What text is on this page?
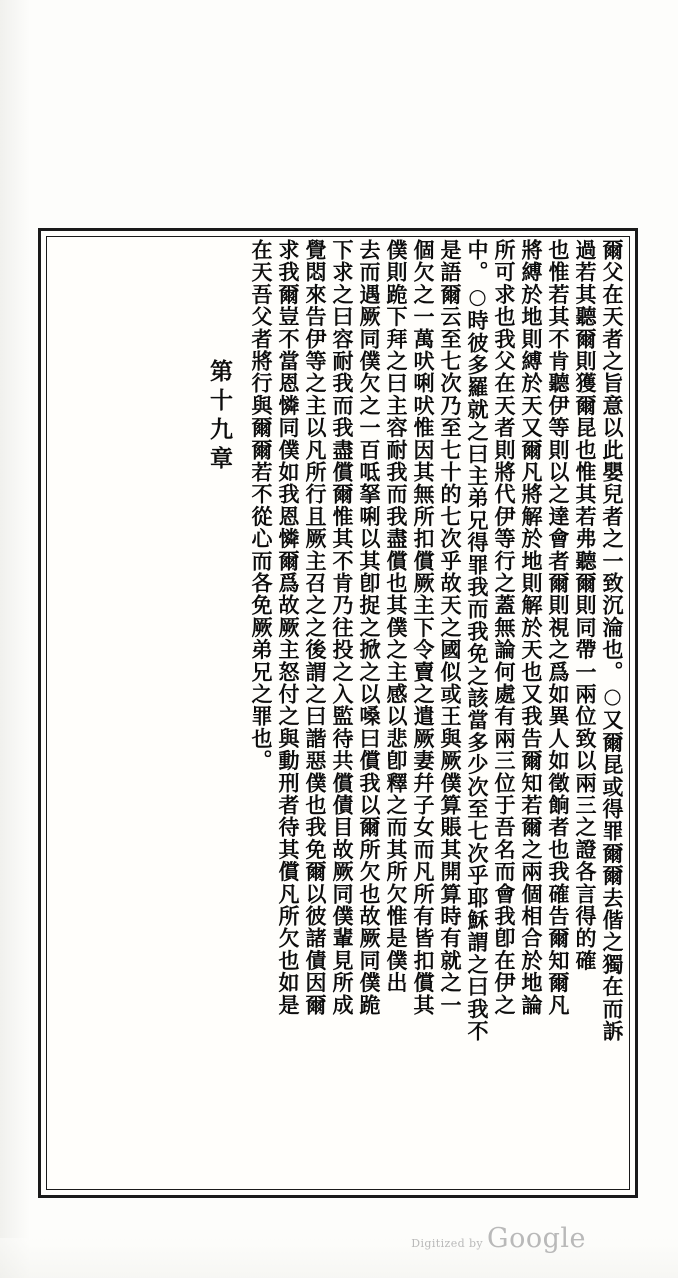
爾父在天者之旨意以此嬰兒者之一致沉淪也。○又爾昆或得罪爾爾去偕之獨在而訴
過若其聽爾則獲爾昆也惟其若弗聽爾則同帶一兩位致以兩三之證各言得的確
也惟若其不肯聽伊等則以之達會者爾則視之爲如異人如徵餉者也我確告爾知爾凡
將縛於地則縛於天又爾凡將解於地則解於天也又我告爾知若爾之兩個相合於地論
所可求也我父在天者則將代伊等行之蓋無論何處有兩三位于吾名而會我卽在伊之
中。○時彼多羅就之曰主弟兄得罪我而我免之該當多少次至七次乎耶穌謂之曰我不
是語爾云至七次乃至七十的七次乎故天之國似或王與厥僕算賬其開算時有就之一
個欠之一萬吠唎吠惟因其無所扣償厥主下令賣之遣厥妻幷子女而凡所有皆扣償其
僕則跪下拜之曰主容耐我而我盡償也其僕之主感以悲卽釋之而其所欠惟是僕出
去而遇厥同僕欠之一百呧拏唎以其卽捉之掀之以嗓曰償我以爾所欠也故厥同僕跪
下求之曰容耐我而我盡償爾惟其不肯乃往投之入監待共償債目故厥同僕輩見所成
覺悶來告伊等之主以凡所行且厥主召之之後謂之曰諧惡僕也我免爾以彼諸債因爾
求我爾豈不當恩憐同僕如我恩憐爾爲故厥主怒付之與動刑者待其償凡所欠也如是
在天吾父者將行與爾爾若不從心而各免厥弟兄之罪也。
第十九章
Digitized by Google
